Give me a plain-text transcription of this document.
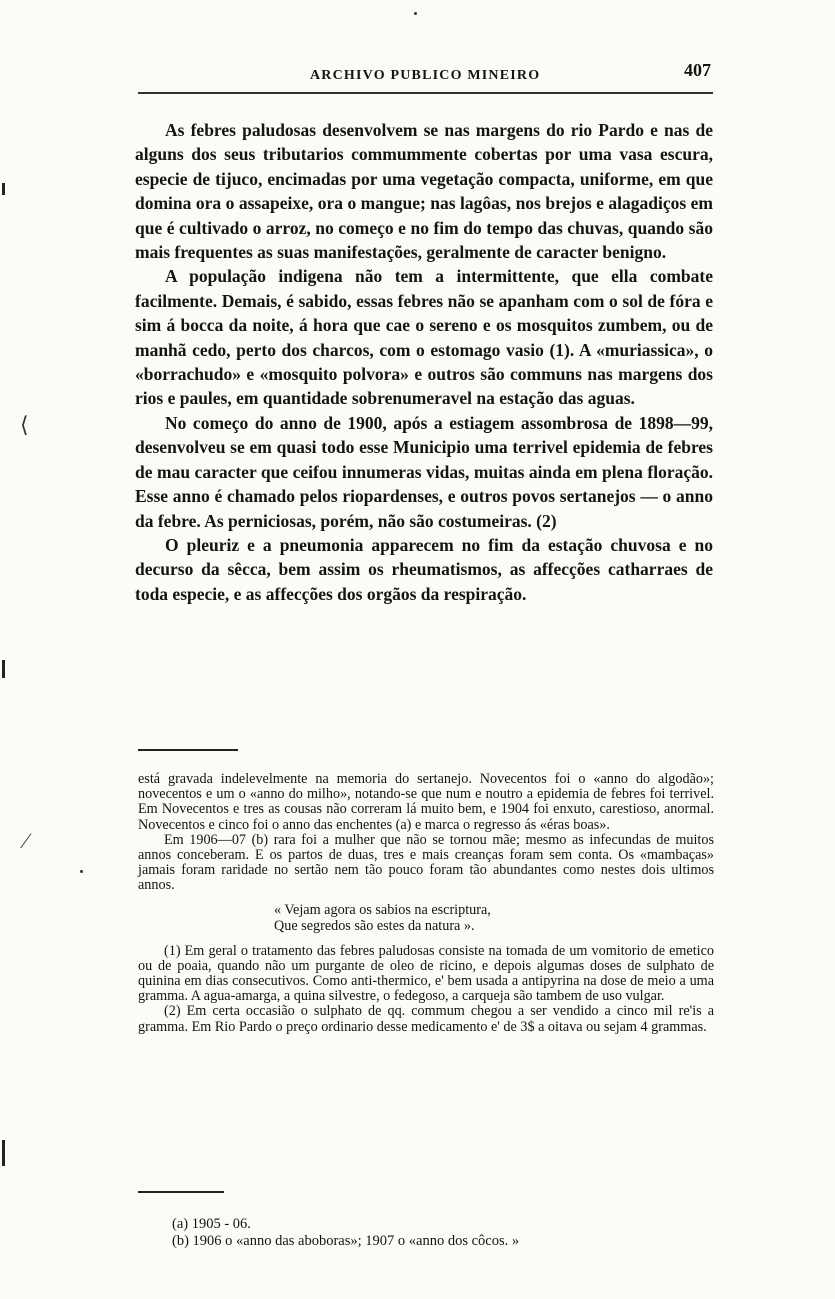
ARCHIVO PUBLICO MINEIRO	407

As febres paludosas desenvolvem se nas margens do rio Pardo e nas de alguns dos seus tributarios commummente cobertas por uma vasa escura, especie de tijuco, encimadas por uma vegetação compacta, uniforme, em que domina ora o assapeixe, ora o mangue; nas lagôas, nos brejos e alagadiços em que é cultivado o arroz, no começo e no fim do tempo das chuvas, quando são mais frequentes as suas manifestações, geralmente de caracter benigno.

A população indigena não tem a intermittente, que ella combate facilmente. Demais, é sabido, essas febres não se apanham com o sol de fóra e sim á bocca da noite, á hora que cae o sereno e os mosquitos zumbem, ou de manhã cedo, perto dos charcos, com o estomago vasio (1). A «muriassica», o «borrachudo» e «mosquito polvora» e outros são communs nas margens dos rios e paules, em quantidade sobrenumeravel na estação das aguas.

No começo do anno de 1900, após a estiagem assombrosa de 1898—99, desenvolveu se em quasi todo esse Municipio uma terrivel epidemia de febres de mau caracter que ceifou innumeras vidas, muitas ainda em plena floração. Esse anno é chamado pelos riopardenses, e outros povos sertanejos — o anno da febre. As perniciosas, porém, não são costumeiras. (2)

O pleuriz e a pneumonia apparecem no fim da estação chuvosa e no decurso da sêcca, bem assim os rheumatismos, as affecções catharraes de toda especie, e as affecções dos orgãos da respiração.

está gravada indelevelmente na memoria do sertanejo. Novecentos foi o «anno do algodão»; novecentos e um o «anno do milho», notando-se que num e noutro a epidemia de febres foi terrivel. Em Novecentos e tres as cousas não correram lá muito bem, e 1904 foi enxuto, carestioso, anormal. Novecentos e cinco foi o anno das enchentes (a) e marca o regresso ás «éras boas».

Em 1906—07 (b) rara foi a mulher que não se tornou mãe; mesmo as infecundas de muitos annos conceberam. E os partos de duas, tres e mais creanças foram sem conta. Os «mambaças» jamais foram raridade no sertão nem tão pouco foram tão abundantes como nestes dois ultimos annos.

« Vejam agora os sabios na escriptura,
Que segredos são estes da natura ».

(1) Em geral o tratamento das febres paludosas consiste na tomada de um vomitorio de emetico ou de poaia, quando não um purgante de oleo de ricino, e depois algumas doses de sulphato de quinina em dias consecutivos. Como anti-thermico, e' bem usada a antipyrina na dose de meio a uma gramma. A agua-amarga, a quina silvestre, o fedegoso, a carqueja são tambem de uso vulgar.

(2) Em certa occasião o sulphato de qq. commum chegou a ser vendido a cinco mil re'is a gramma. Em Rio Pardo o preço ordinario desse medicamento e' de 3$ a oitava ou sejam 4 grammas.

(a) 1905 - 06.
(b) 1906 o «anno das aboboras»; 1907 o «anno dos côcos. »
⟨
∕
